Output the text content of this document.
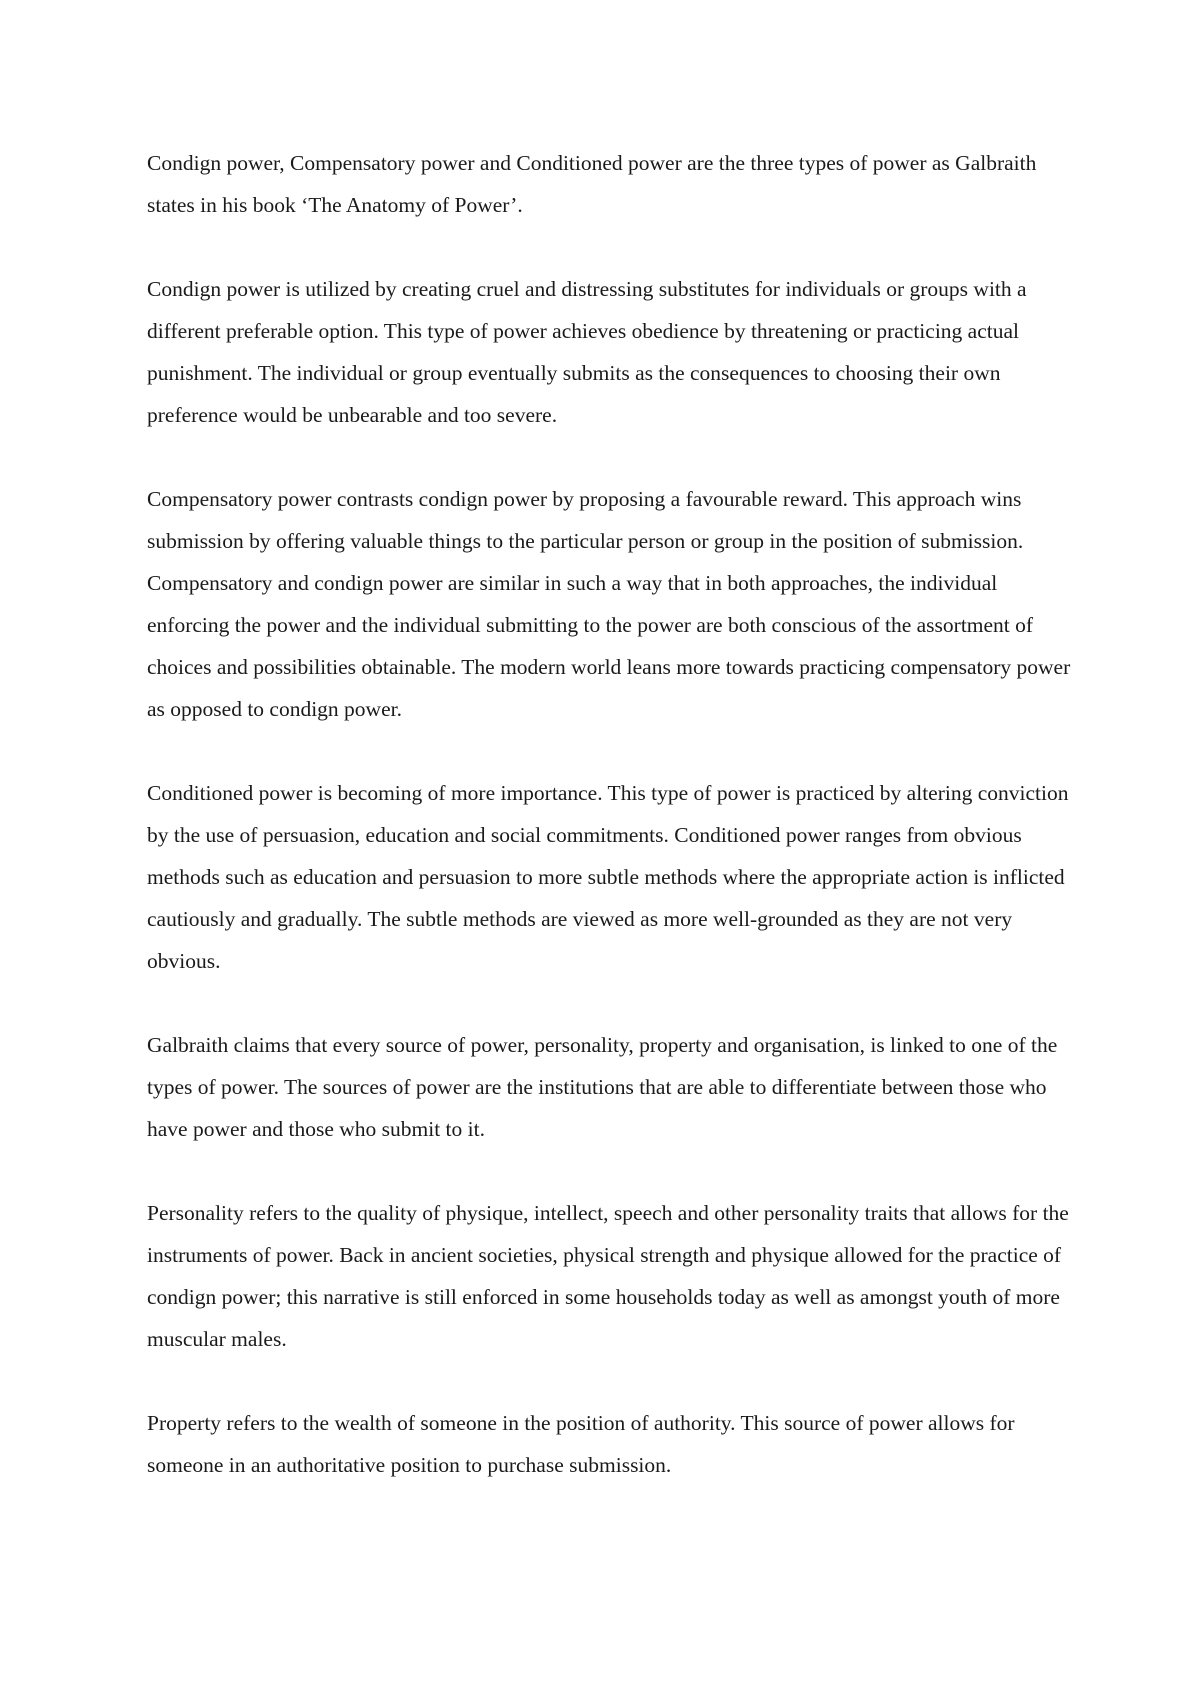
Condign power, Compensatory power and Conditioned power are the three types of power as Galbraith states in his book ‘The Anatomy of Power’.

Condign power is utilized by creating cruel and distressing substitutes for individuals or groups with a different preferable option. This type of power achieves obedience by threatening or practicing actual punishment. The individual or group eventually submits as the consequences to choosing their own preference would be unbearable and too severe.

Compensatory power contrasts condign power by proposing a favourable reward. This approach wins submission by offering valuable things to the particular person or group in the position of submission. Compensatory and condign power are similar in such a way that in both approaches, the individual enforcing the power and the individual submitting to the power are both conscious of the assortment of choices and possibilities obtainable. The modern world leans more towards practicing compensatory power as opposed to condign power.

Conditioned power is becoming of more importance. This type of power is practiced by altering conviction by the use of persuasion, education and social commitments. Conditioned power ranges from obvious methods such as education and persuasion to more subtle methods where the appropriate action is inflicted cautiously and gradually. The subtle methods are viewed as more well-grounded as they are not very obvious.

Galbraith claims that every source of power, personality, property and organisation, is linked to one of the types of power. The sources of power are the institutions that are able to differentiate between those who have power and those who submit to it.

Personality refers to the quality of physique, intellect, speech and other personality traits that allows for the instruments of power. Back in ancient societies, physical strength and physique allowed for the practice of condign power; this narrative is still enforced in some households today as well as amongst youth of more muscular males.

Property refers to the wealth of someone in the position of authority. This source of power allows for someone in an authoritative position to purchase submission.
